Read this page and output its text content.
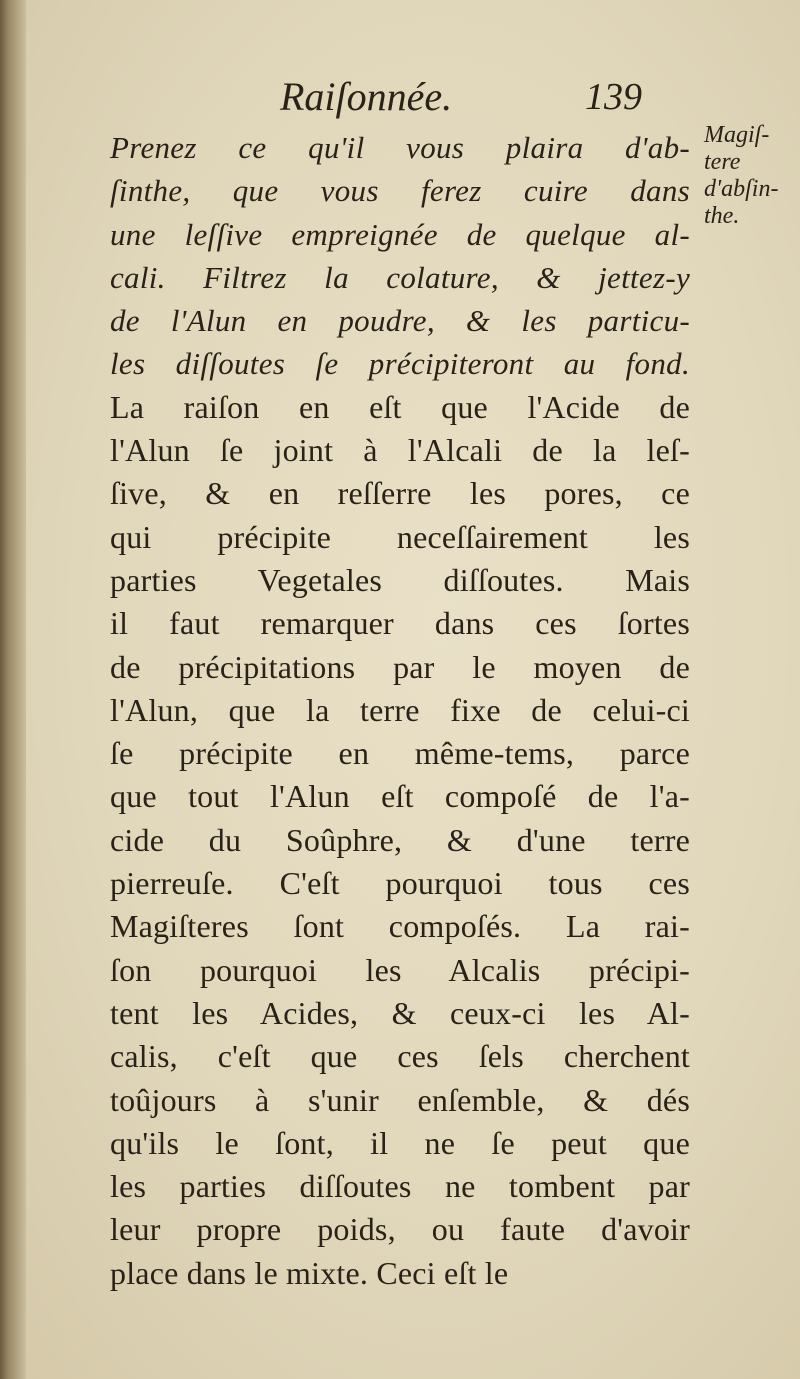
Raiſonnée.	139
Magiſ-
tere
d'abſin-
the.
Prenez ce qu'il vous plaira d'ab-
ſinthe, que vous ferez cuire dans
une leſſive empreignée de quelque al-
cali. Filtrez la colature, & jettez-y
de l'Alun en poudre, & les particu-
les diſſoutes ſe précipiteront au fond.
La raiſon en eſt que l'Acide de
l'Alun ſe joint à l'Alcali de la leſ-
ſive, & en reſſerre les pores, ce
qui précipite neceſſairement les
parties Vegetales diſſoutes. Mais
il faut remarquer dans ces ſortes
de précipitations par le moyen de
l'Alun, que la terre fixe de celui-ci
ſe précipite en même-tems, parce
que tout l'Alun eſt compoſé de l'a-
cide du Soûphre, & d'une terre
pierreuſe. C'eſt pourquoi tous ces
Magiſteres ſont compoſés. La rai-
ſon pourquoi les Alcalis précipi-
tent les Acides, & ceux-ci les Al-
calis, c'eſt que ces ſels cherchent
toûjours à s'unir enſemble, & dés
qu'ils le ſont, il ne ſe peut que
les parties diſſoutes ne tombent par
leur propre poids, ou faute d'avoir
place dans le mixte. Ceci eſt le
